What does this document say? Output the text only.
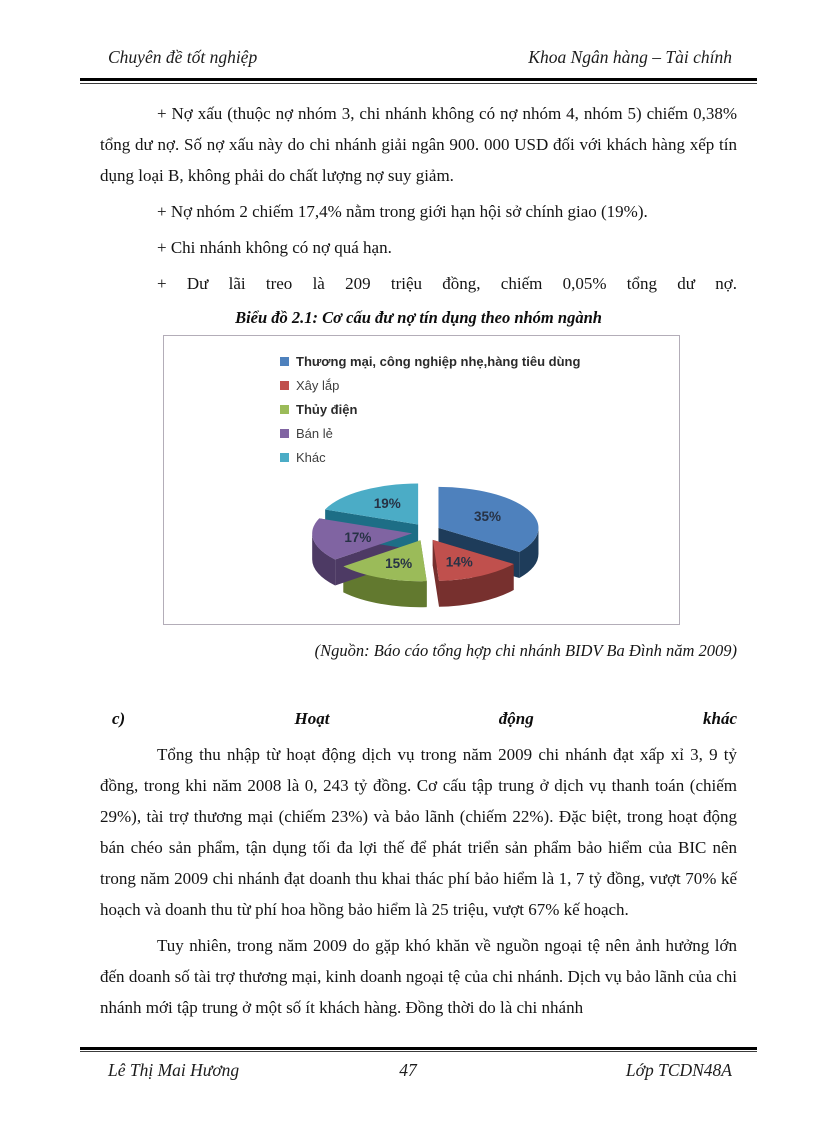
Chuyên đề tốt nghiệp	Khoa Ngân hàng – Tài chính

+ Nợ xấu (thuộc nợ nhóm 3, chi nhánh không có nợ nhóm 4, nhóm 5) chiếm 0,38% tổng dư nợ. Số nợ xấu này do chi nhánh giải ngân 900. 000 USD đối với khách hàng xếp tín dụng loại B, không phải do chất lượng nợ suy giảm.

+ Nợ nhóm 2 chiếm 17,4% nằm trong giới hạn hội sở chính giao (19%).

+ Chi nhánh không có nợ quá hạn.

+ Dư lãi treo là 209 triệu đồng, chiếm 0,05% tổng dư nợ.

Biểu đồ 2.1: Cơ cấu đư nợ tín dụng theo nhóm ngành
Thương mại, công nghiệp nhẹ,hàng tiêu dùng
Xây lắp
Thủy điện
Bán lẻ
Khác
35%
14%
15%
17%
19%
(Nguồn: Báo cáo tổng hợp chi nhánh BIDV Ba Đình năm 2009)
c)	Hoạt	động	khác

Tổng thu nhập từ hoạt động dịch vụ trong năm 2009 chi nhánh đạt xấp xỉ 3, 9 tỷ đồng, trong khi năm 2008 là 0, 243 tỷ đồng. Cơ cấu tập trung ở dịch vụ thanh toán (chiếm 29%), tài trợ thương mại (chiếm 23%) và bảo lãnh (chiếm 22%). Đặc biệt, trong hoạt động bán chéo sản phẩm, tận dụng tối đa lợi thế để phát triển sản phẩm bảo hiểm của BIC nên trong năm 2009 chi nhánh đạt doanh thu khai thác phí bảo hiểm là 1, 7 tỷ đồng, vượt 70% kế hoạch và doanh thu từ phí hoa hồng bảo hiểm là 25 triệu, vượt 67% kế hoạch.

Tuy nhiên, trong năm 2009 do gặp khó khăn về nguồn ngoại tệ nên ảnh hưởng lớn đến doanh số tài trợ thương mại, kinh doanh ngoại tệ của chi nhánh. Dịch vụ bảo lãnh của chi nhánh mới tập trung ở một số ít khách hàng. Đồng thời do là chi nhánh

Lê Thị Mai Hương	47	Lớp TCDN48A
